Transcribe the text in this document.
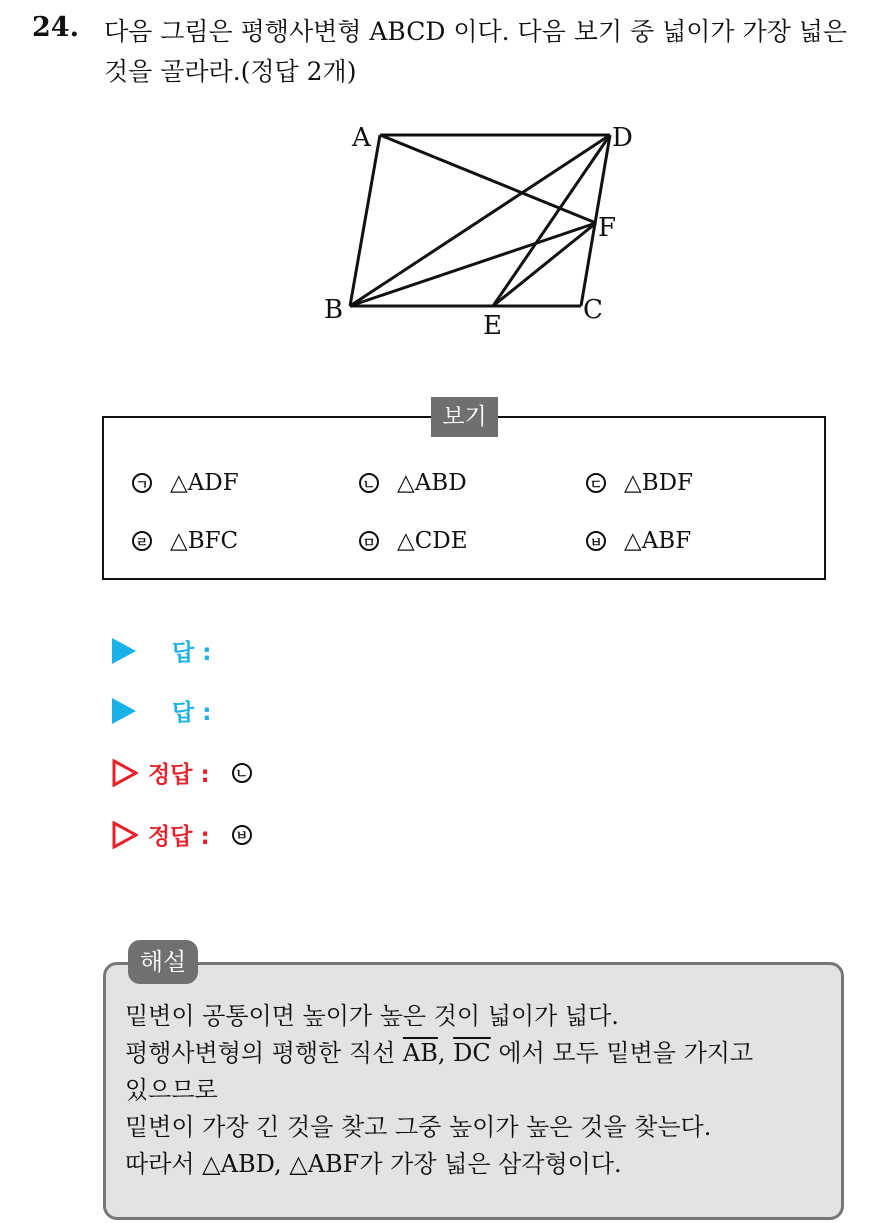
24. 다음 그림은 평행사변형 ABCD 이다. 다음 보기 중 넓이가 가장 넓은
것을 골라라.(정답 2개)
A	D
F
B
E
C
보기
ㄱ △ADF	ㄴ △ABD	ㄷ △BDF
ㄹ △BFC	ㅁ △CDE	ㅂ △ABF
답 :
답 :
정답 : ㄴ
정답 : ㅂ
해설
밑변이 공통이면 높이가 높은 것이 넓이가 넓다.
평행사변형의 평행한 직선 $\overline{AB}$, $\overline{DC}$ 에서 모두 밑변을 가지고
있으므로
밑변이 가장 긴 것을 찾고 그중 높이가 높은 것을 찾는다.
따라서 △ABD, △ABF가 가장 넓은 삼각형이다.
